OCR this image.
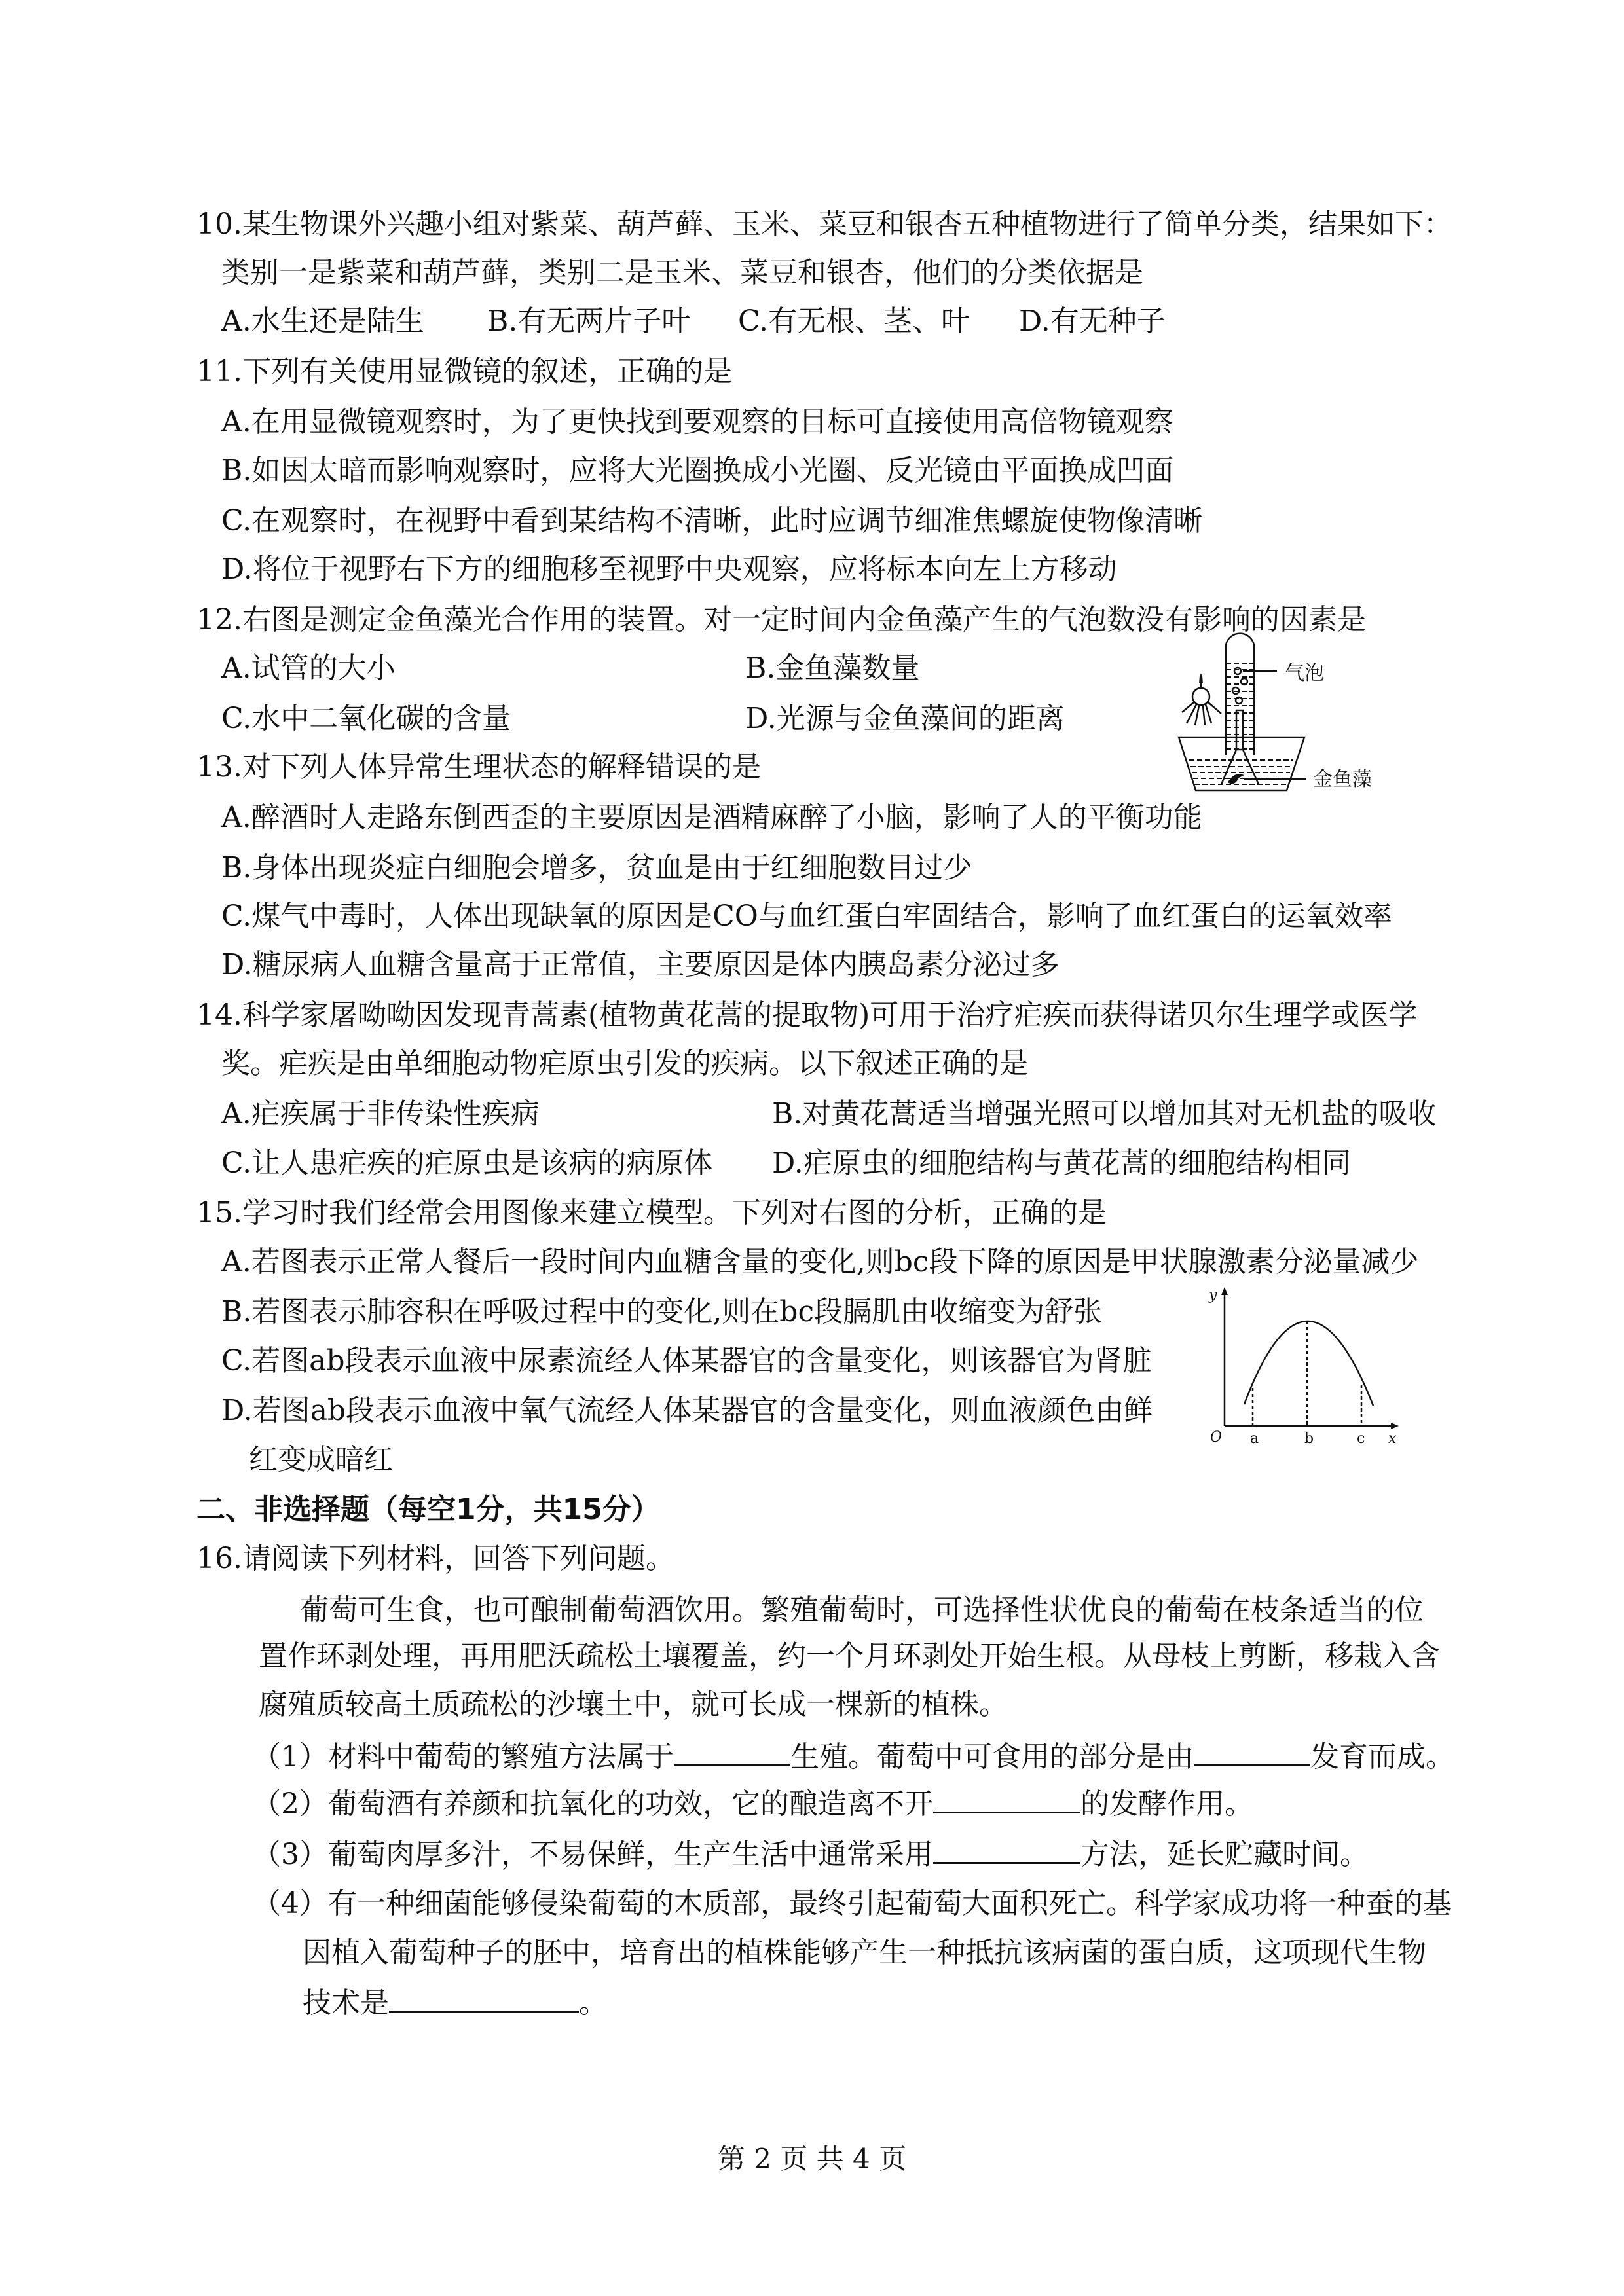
10.某生物课外兴趣小组对紫菜、葫芦藓、玉米、菜豆和银杏五种植物进行了简单分类，结果如下：
类别一是紫菜和葫芦藓，类别二是玉米、菜豆和银杏，他们的分类依据是
A.水生还是陆生 B.有无两片子叶 C.有无根、茎、叶 D.有无种子
11.下列有关使用显微镜的叙述，正确的是
A.在用显微镜观察时，为了更快找到要观察的目标可直接使用高倍物镜观察
B.如因太暗而影响观察时，应将大光圈换成小光圈、反光镜由平面换成凹面
C.在观察时，在视野中看到某结构不清晰，此时应调节细准焦螺旋使物像清晰
D.将位于视野右下方的细胞移至视野中央观察，应将标本向左上方移动
12.右图是测定金鱼藻光合作用的装置。对一定时间内金鱼藻产生的气泡数没有影响的因素是
A.试管的大小	B.金鱼藻数量
C.水中二氧化碳的含量	D.光源与金鱼藻间的距离
气泡
金鱼藻
13.对下列人体异常生理状态的解释错误的是
A.醉酒时人走路东倒西歪的主要原因是酒精麻醉了小脑，影响了人的平衡功能
B.身体出现炎症白细胞会增多，贫血是由于红细胞数目过少
C.煤气中毒时，人体出现缺氧的原因是CO与血红蛋白牢固结合，影响了血红蛋白的运氧效率
D.糖尿病人血糖含量高于正常值，主要原因是体内胰岛素分泌过多
14.科学家屠呦呦因发现青蒿素(植物黄花蒿的提取物)可用于治疗疟疾而获得诺贝尔生理学或医学
奖。疟疾是由单细胞动物疟原虫引发的疾病。以下叙述正确的是
A.疟疾属于非传染性疾病	B.对黄花蒿适当增强光照可以增加其对无机盐的吸收
C.让人患疟疾的疟原虫是该病的病原体 D.疟原虫的细胞结构与黄花蒿的细胞结构相同
15.学习时我们经常会用图像来建立模型。下列对右图的分析，正确的是
A.若图表示正常人餐后一段时间内血糖含量的变化,则bc段下降的原因是甲状腺激素分泌量减少
B.若图表示肺容积在呼吸过程中的变化,则在bc段膈肌由收缩变为舒张
C.若图ab段表示血液中尿素流经人体某器官的含量变化，则该器官为肾脏
D.若图ab段表示血液中氧气流经人体某器官的含量变化，则血液颜色由鲜
红变成暗红
y
x
O a	b	c
二、非选择题（每空1分，共15分）
16.请阅读下列材料，回答下列问题。
葡萄可生食，也可酿制葡萄酒饮用。繁殖葡萄时，可选择性状优良的葡萄在枝条适当的位
置作环剥处理，再用肥沃疏松土壤覆盖，约一个月环剥处开始生根。从母枝上剪断，移栽入含
腐殖质较高土质疏松的沙壤土中，就可长成一棵新的植株。
（1）材料中葡萄的繁殖方法属于	生殖。葡萄中可食用的部分是由	发育而成。
（2）葡萄酒有养颜和抗氧化的功效，它的酿造离不开	的发酵作用。
（3）葡萄肉厚多汁，不易保鲜，生产生活中通常采用	方法，延长贮藏时间。
（4）有一种细菌能够侵染葡萄的木质部，最终引起葡萄大面积死亡。科学家成功将一种蚕的基
因植入葡萄种子的胚中，培育出的植株能够产生一种抵抗该病菌的蛋白质，这项现代生物
技术是	。
第 2 页 共 4 页
